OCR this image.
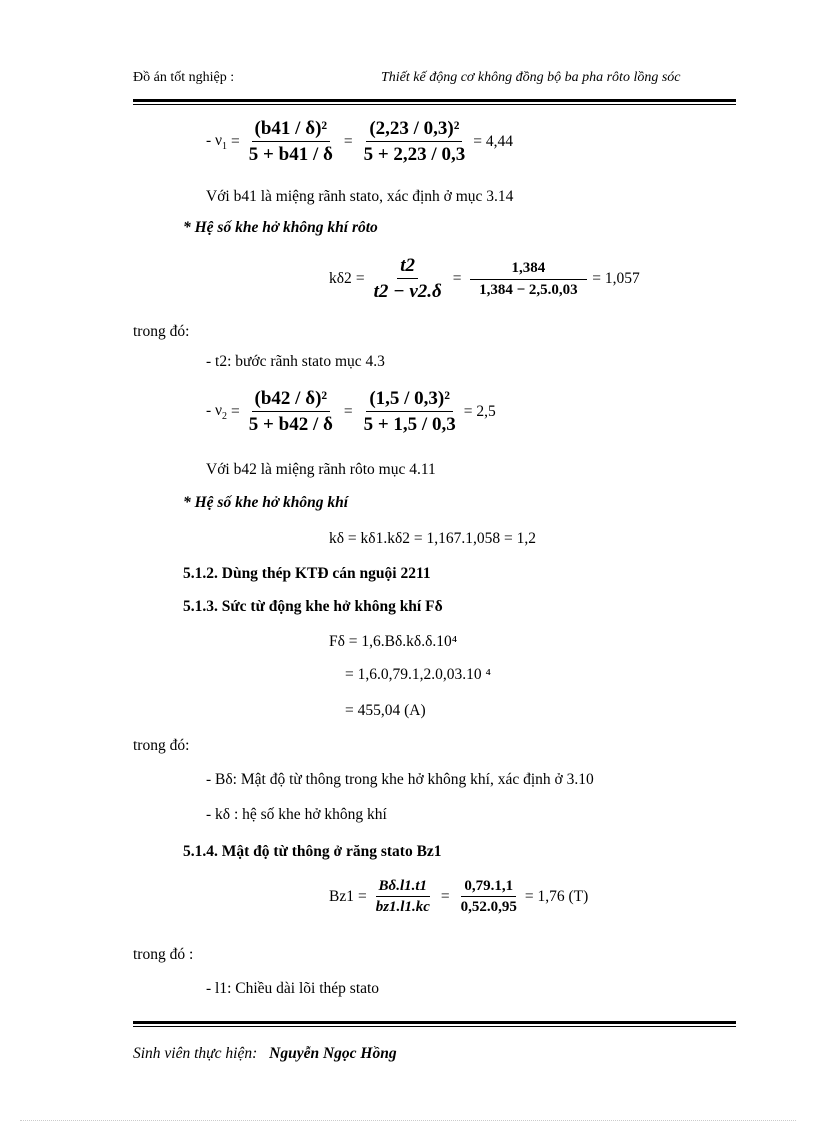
Đồ án tốt nghiệp :	Thiết kế động cơ không đồng bộ ba pha rôto lồng sóc
- $\nu_1 = \frac{\text{(b41 / δ)²}}{5 + b41 / \delta} = \frac{\text{(2,23 / 0,3)²}}{5 + 2,23 / 0,3} = 4,44$
Với b41 là miệng rãnh stato, xác định ở mục 3.14
* Hệ số khe hở không khí rôto
$k\delta 2 = \frac{t2}{t2 - \nu 2.\delta} = \frac{1,384}{1,384 - 2,5.0,03} = 1,057$
trong đó:
- t2: bước rãnh stato mục 4.3
- $\nu_2 = \frac{\text{(b42 / δ)²}}{5 + b42 / \delta} = \frac{\text{(1,5 / 0,3)²}}{5 + 1,5 / 0,3} = 2,5$
Với b42 là miệng rãnh rôto mục 4.11
* Hệ số khe hở không khí
kδ = kδ1.kδ2 = 1,167.1,058 = 1,2
5.1.2. Dùng thép KTĐ cán nguội 2211
5.1.3. Sức từ động khe hở không khí Fδ
Fδ = 1,6.Bδ.kδ.δ.10⁴
= 1,6.0,79.1,2.0,03.10 ⁴
= 455,04 (A)
trong đó:
- Bδ: Mật độ từ thông trong khe hở không khí, xác định ở 3.10
- kδ : hệ số khe hở không khí
5.1.4. Mật độ từ thông ở răng stato Bz1
$Bz1 = \frac{B\delta.l1.t1}{bz1.l1.kc} = \frac{0,79.1,1}{0,52.0,95} = 1,76$ (T)
trong đó :
- l1: Chiều dài lõi thép stato
Sinh viên thực hiện: Nguyễn Ngọc Hồng
